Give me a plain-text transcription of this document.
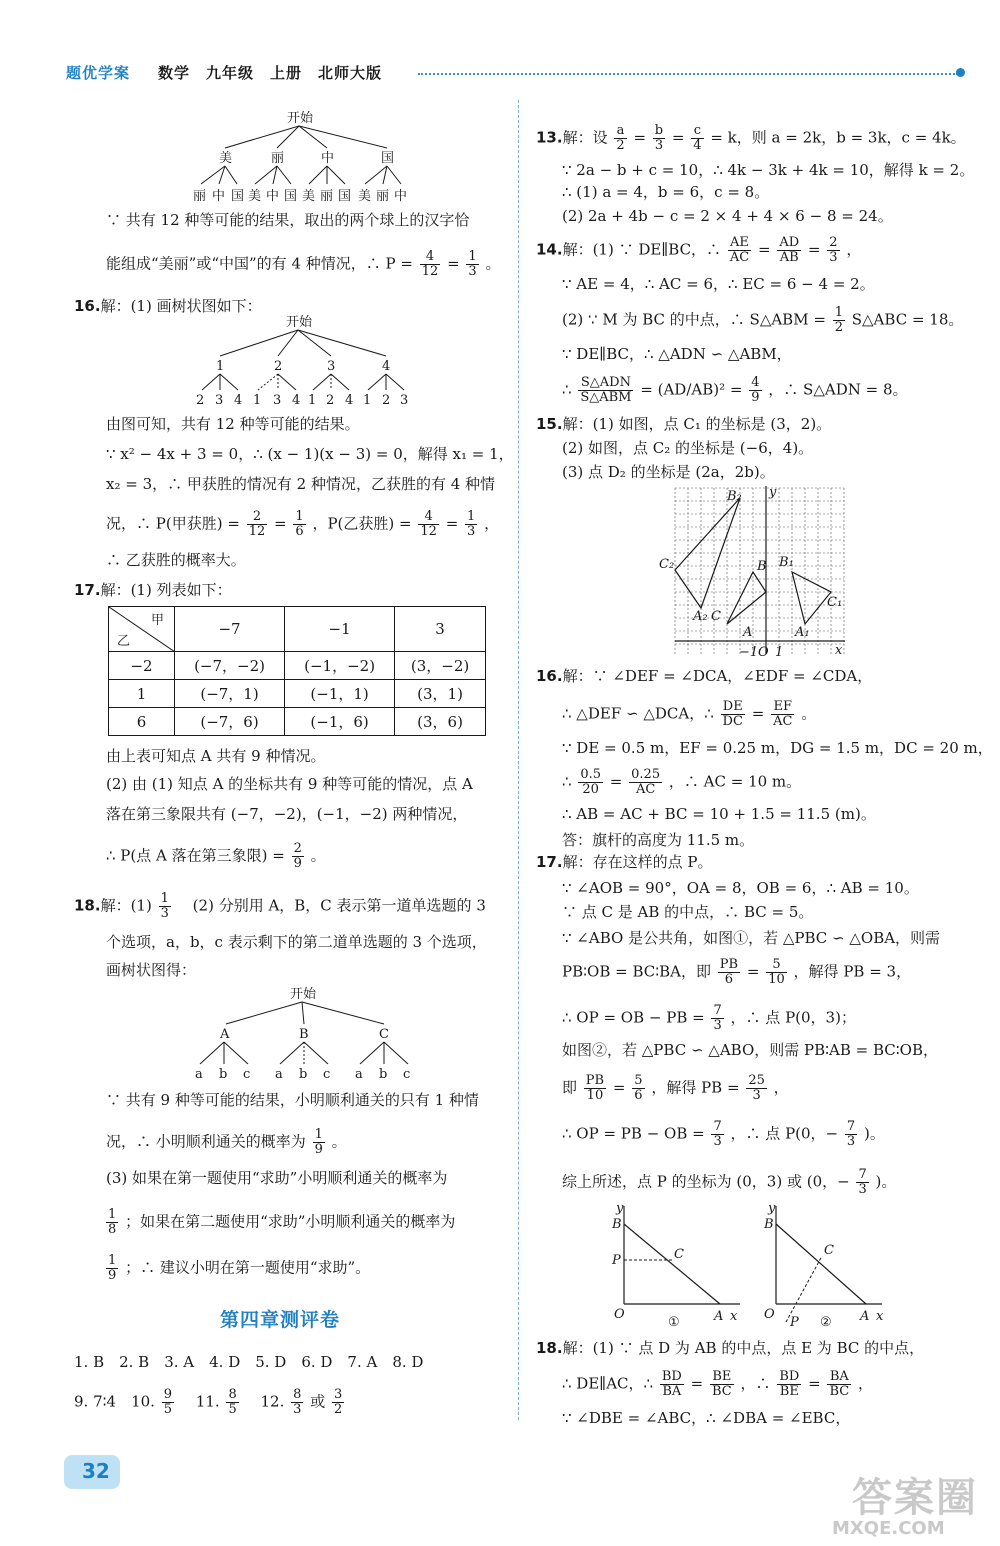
题优学案 数学　九年级　上册　北师大版
开始
美	丽	中	国
丽 中 国 美 中 国 美 丽 国 美 丽 中
∵ 共有 12 种等可能的结果，取出的两个球上的汉字恰
能组成“美丽”或“中国”的有 4 种情况，∴ $P = \frac{4}{12} = \frac{1}{3}$ 。
16.解：(1) 画树状图如下：
开始
1	2	3	4
2 3 4 1 3 4 1 2 4 1 2 3
由图可知，共有 12 种等可能的结果。
∵ x² − 4x + 3 = 0，∴ (x − 1)(x − 3) = 0，解得 x₁ = 1，
x₂ = 3，∴ 甲获胜的情况有 2 种情况，乙获胜的有 4 种情
况，∴ P(甲获胜) = $\frac{2}{12} = \frac{1}{6}$ ，P(乙获胜) = $\frac{4}{12} = \frac{1}{3}$ ，
∴ 乙获胜的概率大。
17.解：(1) 列表如下：
甲
乙	−7	−1	3
−2	(−7，−2)	(−1，−2)	(3，−2)
1	(−7，1)	(−1，1)	(3，1)
6	(−7，6)	(−1，6)	(3，6)
由上表可知点 A 共有 9 种情况。
(2) 由 (1) 知点 A 的坐标共有 9 种等可能的情况，点 A
落在第三象限共有 (−7，−2)，(−1，−2) 两种情况，
∴ P(点 A 落在第三象限) = $\frac{2}{9}$ 。
18.解：$(1) \frac{1}{3}$ 　(2) 分别用 A，B，C 表示第一道单选题的 3
个选项，a，b，c 表示剩下的第二道单选题的 3 个选项，
画树状图得：
开始
A	B	C
a b c a b c a b c
∵ 共有 9 种等可能的结果，小明顺利通关的只有 1 种情
况，∴ 小明顺利通关的概率为 $\frac{1}{9}$ 。
(3) 如果在第一题使用“求助”小明顺利通关的概率为
$\frac{1}{8}$ ；如果在第二题使用“求助”小明顺利通关的概率为
$\frac{1}{9}$ ；∴ 建议小明在第一题使用“求助”。
第四章测评卷
1. B　2. B　3. A　4. D　5. D　6. D　7. A　8. D
9. 7∶4　10. $\frac{9}{5}$
　 11. $\frac{8}{5}$
　 12. $\frac{8}{3}$ 或 $\frac{3}{2}$
13.解：设 $\frac{a}{2} = \frac{b}{3} = \frac{c}{4} = k$，则 a = 2k，b = 3k，c = 4k。
∵ 2a − b + c = 10，∴ 4k − 3k + 4k = 10，解得 k = 2。
∴ (1) a = 4，b = 6，c = 8。
(2) 2a + 4b − c = 2 × 4 + 4 × 6 − 8 = 24。
14.解：(1) ∵ DE∥BC，∴ $\frac{AE}{AC} = \frac{AD}{AB} = \frac{2}{3}$ ，
∵ AE = 4，∴ AC = 6，∴ EC = 6 − 4 = 2。
(2) ∵ M 为 BC 的中点，∴ S△ABM = $\frac{1}{2}$ S△ABC = 18。
∵ DE∥BC，∴ △ADN ∽ △ABM，
∴ $\frac{\text{S△ADN}}{\text{S△ABM}} = (AD/AB)^2 = \frac{4}{9}$ ，∴ S△ADN = 8。
15.解：(1) 如图，点 C₁ 的坐标是 (3，2)。
(2) 如图，点 C₂ 的坐标是 (−6，4)。
(3) 点 D₂ 的坐标是 (2a，2b)。
B₂ y
C₂	B B₁
A₂ C
C₁
A	A₁
O
−1 1	x
16.解：∵ ∠DEF = ∠DCA，∠EDF = ∠CDA，
∴ △DEF ∽ △DCA，∴ $\frac{DE}{DC} = \frac{EF}{AC}$ 。
∵ DE = 0.5 m，EF = 0.25 m，DG = 1.5 m，DC = 20 m，
∴ $\frac{0.5}{20} = \frac{0.25}{AC}$ ，∴ AC = 10 m。
∴ AB = AC + BC = 10 + 1.5 = 11.5 (m)。
答：旗杆的高度为 11.5 m。
17.解：存在这样的点 P。
∵ ∠AOB = 90°，OA = 8，OB = 6，∴ AB = 10。
∵ 点 C 是 AB 的中点，∴ BC = 5。
∵ ∠ABO 是公共角，如图①，若 △PBC ∽ △OBA，则需
PB∶OB = BC∶BA，即 $\frac{PB}{6} = \frac{5}{10}$ ，解得 PB = 3，
∴ OP = OB − PB = $\frac{7}{3}$ ，∴ 点 P(0，3)；
如图②，若 △PBC ∽ △ABO，则需 PB∶AB = BC∶OB，
即 $\frac{PB}{10} = \frac{5}{6}$ ，解得 PB = $\frac{25}{3}$ ，
∴ OP = PB − OB = $\frac{7}{3}$ ，∴ 点 P(0，− $\frac{7}{3}$ )。
综上所述，点 P 的坐标为 (0，3) 或 (0，− $\frac{7}{3}$ )。
y
B
P	C
O	A x
①
y
B
C
O
P	A x
②
18.解：(1) ∵ 点 D 为 AB 的中点，点 E 为 BC 的中点，
∴ DE∥AC，∴ $\frac{BD}{BA} = \frac{BE}{BC}$ ，∴ $\frac{BD}{BE} = \frac{BA}{BC}$ ，
∵ ∠DBE = ∠ABC，∴ ∠DBA = ∠EBC，
32
答案圈
MXQE.COM
